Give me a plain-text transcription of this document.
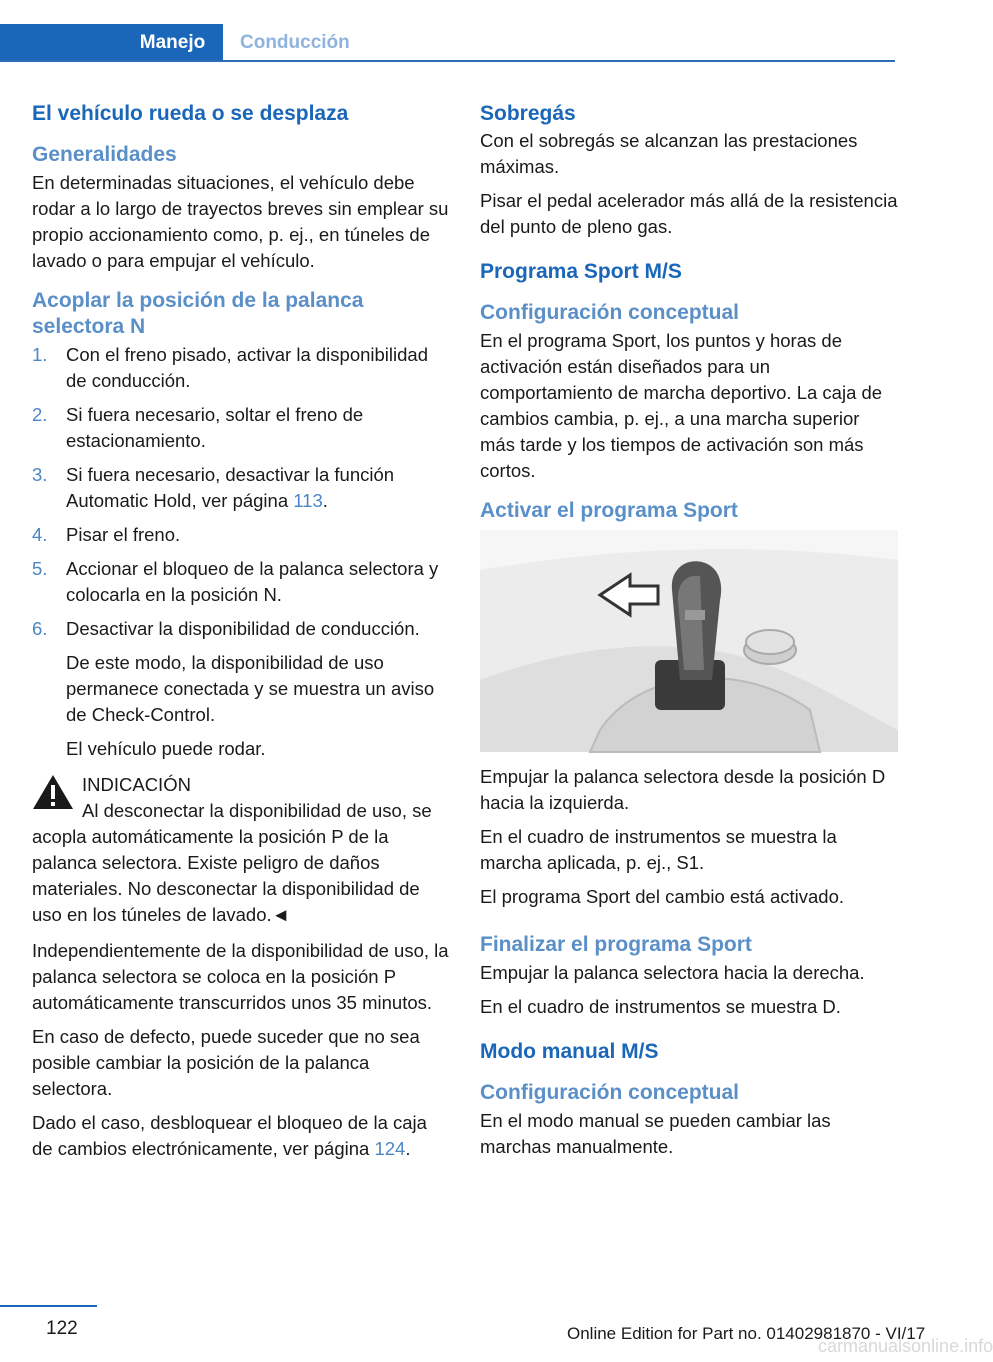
Manejo	Conducción
El vehículo rueda o se desplaza
Generalidades
En determinadas situaciones, el vehículo debe rodar a lo largo de trayectos breves sin emplear su propio accionamiento como, p. ej., en túneles de lavado o para empujar el vehículo.
Acoplar la posición de la palanca selectora N
1. Con el freno pisado, activar la disponibilidad de conducción.
2. Si fuera necesario, soltar el freno de estacionamiento.
3. Si fuera necesario, desactivar la función Automatic Hold, ver página 113.
4. Pisar el freno.
5. Accionar el bloqueo de la palanca selectora y colocarla en la posición N.
6. Desactivar la disponibilidad de conducción.
De este modo, la disponibilidad de uso permanece conectada y se muestra un aviso de Check-Control.
El vehículo puede rodar.
INDICACIÓN
Al desconectar la disponibilidad de uso, se acopla automáticamente la posición P de la palanca selectora. Existe peligro de daños materiales. No desconectar la disponibilidad de uso en los túneles de lavado.◄
Independientemente de la disponibilidad de uso, la palanca selectora se coloca en la posición P automáticamente transcurridos unos 35 minutos.
En caso de defecto, puede suceder que no sea posible cambiar la posición de la palanca selectora.
Dado el caso, desbloquear el bloqueo de la caja de cambios electrónicamente, ver página 124.
Sobregás
Con el sobregás se alcanzan las prestaciones máximas.
Pisar el pedal acelerador más allá de la resistencia del punto de pleno gas.
Programa Sport M/S
Configuración conceptual
En el programa Sport, los puntos y horas de activación están diseñados para un comportamiento de marcha deportivo. La caja de cambios cambia, p. ej., a una marcha superior más tarde y los tiempos de activación son más cortos.
Activar el programa Sport
Empujar la palanca selectora desde la posición D hacia la izquierda.
En el cuadro de instrumentos se muestra la marcha aplicada, p. ej., S1.
El programa Sport del cambio está activado.
Finalizar el programa Sport
Empujar la palanca selectora hacia la derecha.
En el cuadro de instrumentos se muestra D.
Modo manual M/S
Configuración conceptual
En el modo manual se pueden cambiar las marchas manualmente.
122	Online Edition for Part no. 01402981870 - VI/17
carmanualsonline.info
